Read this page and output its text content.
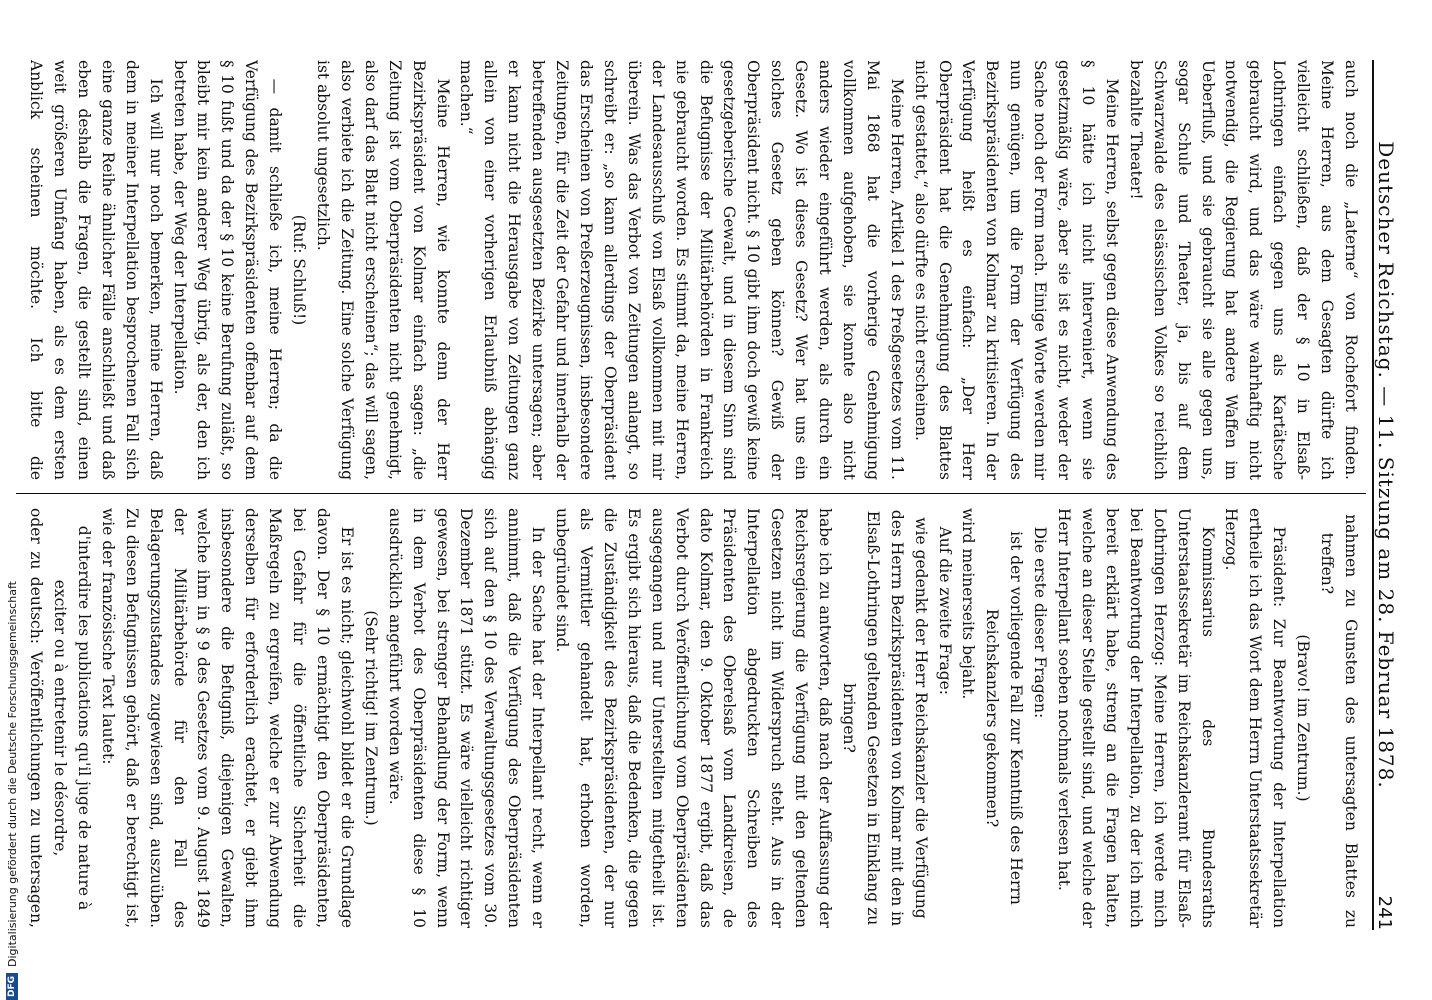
Deutscher Reichstag. — 11. Sitzung am 28. Februar 1878.
241

auch noch die „Laterne“ von Rochefort finden. Meine Herren, aus dem Gesagten dürfte ich vielleicht schließen, daß der § 10 in Elsaß-Lothringen einfach gegen uns als Kartätsche gebraucht wird, und das wäre wahrhaftig nicht notwendig, die Regierung hat andere Waffen im Ueberfluß, und sie gebraucht sie alle gegen uns, sogar Schule und Theater, ja, bis auf dem Schwarzwalde des elsässischen Volkes so reichlich bezahlte Theater!

Meine Herren, selbst gegen diese Anwendung des § 10 hätte ich nicht interveniert, wenn sie gesetzmäßig wäre, aber sie ist es nicht, weder der Sache noch der Form nach. Einige Worte werden mir nun genügen, um die Form der Verfügung des Bezirkspräsidenten von Kolmar zu kritisieren. In der Verfügung heißt es einfach: „Der Herr Oberpräsident hat die Genehmigung des Blattes nicht gestattet,“ also dürfte es nicht erscheinen.

Meine Herren, Artikel 1 des Preßgesetzes vom 11. Mai 1868 hat die vorherige Genehmigung vollkommen aufgehoben, sie konnte also nicht anders wieder eingeführt werden, als durch ein Gesetz. Wo ist dieses Gesetz? Wer hat uns ein solches Gesetz geben können? Gewiß der Oberpräsident nicht. § 10 gibt ihm doch gewiß keine gesetzgeberische Gewalt, und in diesem Sinn sind die Befugnisse der Militärbehörden in Frankreich nie gebraucht worden. Es stimmt da, meine Herren, der Landesausschuß von Elsaß vollkommen mit mir überein. Was das Verbot von Zeitungen anlangt, so schreibt er: „so kann allerdings der Oberpräsident das Erscheinen von Preßerzeugnissen, insbesondere Zeitungen, für die Zeit der Gefahr und innerhalb der betreffenden ausgesetzten Bezirke untersagen; aber er kann nicht die Herausgabe von Zeitungen ganz allein von einer vorherigen Erlaubniß abhängig machen.“

Meine Herren, wie konnte denn der Herr Bezirkspräsident von Kolmar einfach sagen: „die Zeitung ist vom Oberpräsidenten nicht genehmigt, also darf das Blatt nicht erscheinen“; das will sagen, also verbiete ich die Zeitung. Eine solche Verfügung ist absolut ungesetzlich.

(Ruf: Schluß!)

— damit schließe ich, meine Herren; da die Verfügung des Bezirkspräsidenten offenbar auf dem § 10 fußt und da der § 10 keine Berufung zuläßt, so bleibt mir kein anderer Weg übrig, als der, den ich betreten habe, der Weg der Interpellation.

Ich will nur noch bemerken, meine Herren, daß dem in meiner Interpellation besprochenen Fall sich eine ganze Reihe ähnlicher Fälle anschließt und daß eben deshalb die Fragen, die gestellt sind, einen weit größeren Umfang haben, als es dem ersten Anblick scheinen möchte. Ich bitte die

nahmen zu Gunsten des untersagten Blattes zu treffen?

(Bravo! im Zentrum.)

Präsident: Zur Beantwortung der Interpellation ertheile ich das Wort dem Herrn Unterstaatssekretär Herzog.

Kommissarius des Bundesraths Unterstaatssekretär im Reichskanzleramt für Elsaß-Lothringen Herzog: Meine Herren, ich werde mich bei Beantwortung der Interpellation, zu der ich mich bereit erklärt habe, streng an die Fragen halten, welche an dieser Stelle gestellt sind, und welche der Herr Interpellant soeben nochmals verlesen hat.

Die erste dieser Fragen:

ist der vorliegende Fall zur Kenntniß des Herrn Reichskanzlers gekommen?

wird meinerseits bejaht.

Auf die zweite Frage:

wie gedenkt der Herr Reichskanzler die Verfügung des Herrn Bezirkspräsidenten von Kolmar mit den in Elsaß-Lothringen geltenden Gesetzen in Einklang zu bringen?

habe ich zu antworten, daß nach der Auffassung der Reichsregierung die Verfügung mit den geltenden Gesetzen nicht im Widerspruch steht. Aus in der Interpellation abgedruckten Schreiben des Präsidenten des Oberelsaß vom Landkreisen, de dato Kolmar, den 9. Oktober 1877 ergibt, daß das Verbot durch Veröffentlichung vom Oberpräsidenten ausgegangen und nur Unterstellten mitgetheilt ist. Es ergibt sich hieraus, daß die Bedenken, die gegen die Zuständigkeit des Bezirkspräsidenten, der nur als Vermittler gehandelt hat, erhoben worden, unbegründet sind.

In der Sache hat der Interpellant recht, wenn er annimmt, daß die Verfügung des Oberpräsidenten sich auf den § 10 des Verwaltungsgesetzes vom 30. Dezember 1871 stützt. Es wäre vielleicht richtiger gewesen, bei strenger Behandlung der Form, wenn in dem Verbot des Oberpräsidenten diese § 10 ausdrücklich angeführt worden wäre.

(Sehr richtig! im Zentrum.)

Er ist es nicht; gleichwohl bildet er die Grundlage davon. Der § 10 ermächtigt den Oberpräsidenten, bei Gefahr für die öffentliche Sicherheit die Maßregeln zu ergreifen, welche er zur Abwendung derselben für erforderlich erachtet, er giebt ihm insbesondere die Befugniß, diejenigen Gewalten, welche ihm in § 9 des Gesetzes vom 9. August 1849 der Militärbehörde für den Fall des Belagerungszustandes zugewiesen sind, auszuüben. Zu diesen Befugnissen gehört, daß er berechtigt ist, wie der französische Text lautet:

d'interdire les publications qu'il juge de nature à exciter ou à entretenir le désordre,

oder zu deutsch: Veröffentlichungen zu untersagen,

DFG
Digitalisierung gefördert durch die Deutsche Forschungsgemeinschaft
